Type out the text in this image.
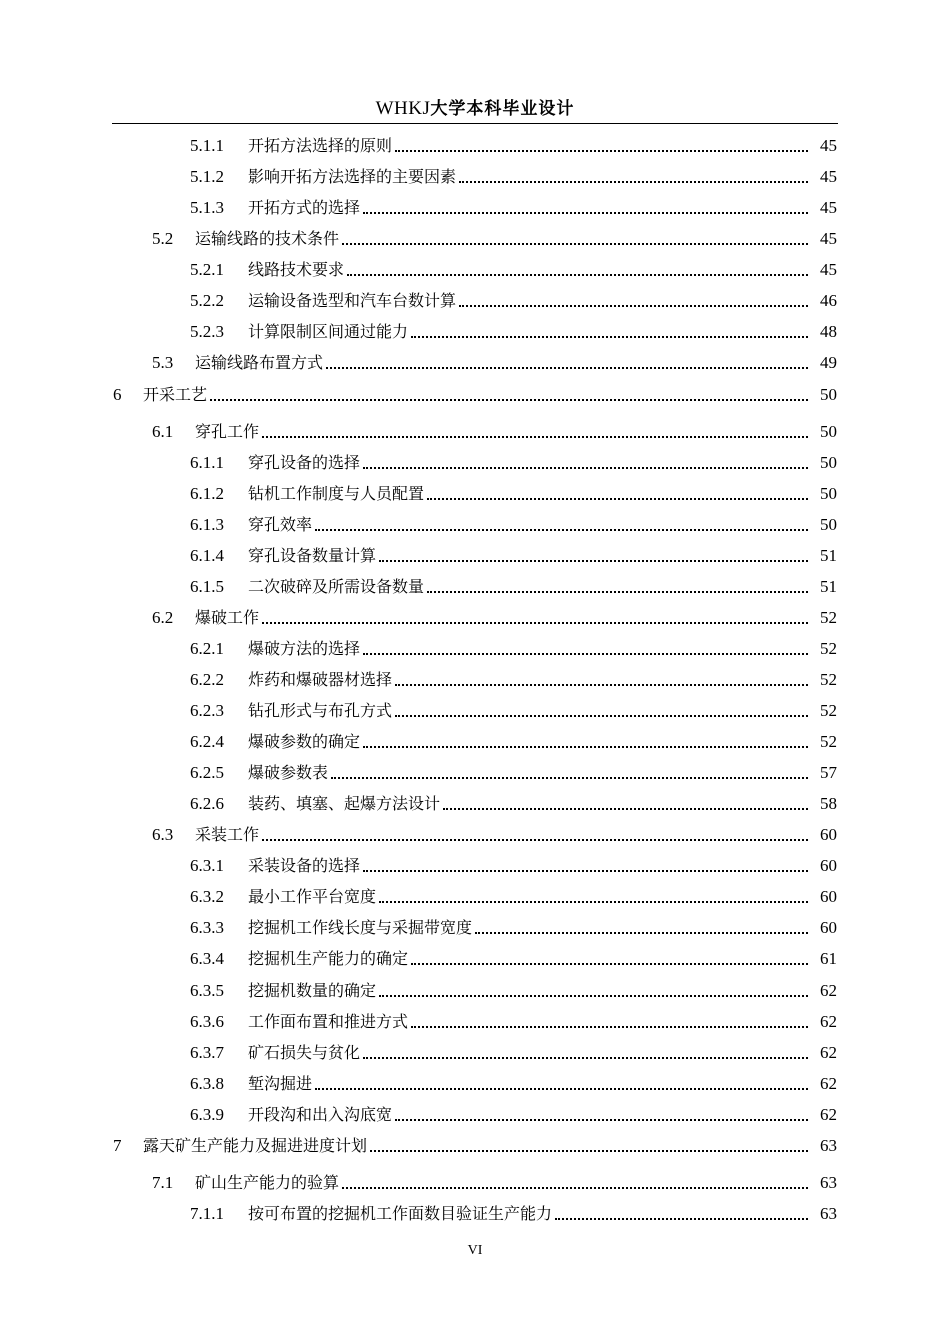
WHKJ大学本科毕业设计
5.1.1	开拓方法选择的原则	45
5.1.2	影响开拓方法选择的主要因素	45
5.1.3	开拓方式的选择	45
5.2	运输线路的技术条件	45
5.2.1	线路技术要求	45
5.2.2	运输设备选型和汽车台数计算	46
5.2.3	计算限制区间通过能力	48
5.3	运输线路布置方式	49
6	开采工艺	50
6.1	穿孔工作	50
6.1.1	穿孔设备的选择	50
6.1.2	钻机工作制度与人员配置	50
6.1.3	穿孔效率	50
6.1.4	穿孔设备数量计算	51
6.1.5	二次破碎及所需设备数量	51
6.2	爆破工作	52
6.2.1	爆破方法的选择	52
6.2.2	炸药和爆破器材选择	52
6.2.3	钻孔形式与布孔方式	52
6.2.4	爆破参数的确定	52
6.2.5	爆破参数表	57
6.2.6	装药、填塞、起爆方法设计	58
6.3	采装工作	60
6.3.1	采装设备的选择	60
6.3.2	最小工作平台宽度	60
6.3.3	挖掘机工作线长度与采掘带宽度	60
6.3.4	挖掘机生产能力的确定	61
6.3.5	挖掘机数量的确定	62
6.3.6	工作面布置和推进方式	62
6.3.7	矿石损失与贫化	62
6.3.8	堑沟掘进	62
6.3.9	开段沟和出入沟底宽	62
7	露天矿生产能力及掘进进度计划	63
7.1	矿山生产能力的验算	63
7.1.1	按可布置的挖掘机工作面数目验证生产能力	63
VI
